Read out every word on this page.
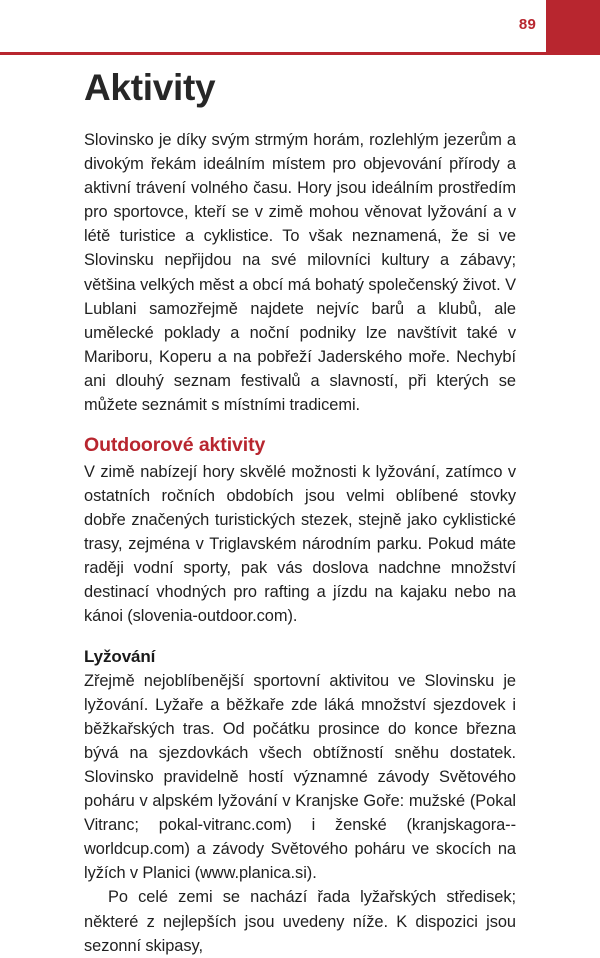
89
Aktivity

Slovinsko je díky svým strmým horám, rozlehlým jezerům a divokým řekám ideálním místem pro objevování přírody a aktivní trávení volného času. Hory jsou ideálním prostředím pro sportovce, kteří se v zimě mohou věnovat lyžování a v létě turistice a cyklistice. To však neznamená, že si ve Slovinsku nepřijdou na své milovníci kultury a zábavy; většina velkých měst a obcí má bohatý společenský život. V Lublani samozřejmě najdete nejvíc barů a klubů, ale umělecké poklady a noční podniky lze navštívit také v Mariboru, Koperu a na pobřeží Jaderského moře. Nechybí ani dlouhý seznam festivalů a slavností, při kterých se můžete seznámit s místními tradicemi.

Outdoorové aktivity

V zimě nabízejí hory skvělé možnosti k lyžování, zatímco v ostatních ročních obdobích jsou velmi oblíbené stovky dobře značených turistických stezek, stejně jako cyklistické trasy, zejména v Triglavském národním parku. Pokud máte raději vodní sporty, pak vás doslova nadchne množství destinací vhodných pro rafting a jízdu na kajaku nebo na kánoi (slovenia-outdoor.com).

Lyžování

Zřejmě nejoblíbenější sportovní aktivitou ve Slovinsku je lyžování. Lyžaře a běžkaře zde láká množství sjezdovek i běžkařských tras. Od počátku prosince do konce března bývá na sjezdovkách všech obtížností sněhu dostatek. Slovinsko pravidelně hostí významné závody Světového poháru v alpském lyžování v Kranjske Goře: mužské (Pokal Vitranc; pokal-vitranc.com) i ženské (kranjskagora--worldcup.com) a závody Světového poháru ve skocích na lyžích v Planici (www.planica.si).

Po celé zemi se nachází řada lyžařských středisek; některé z nejlepších jsou uvedeny níže. K dispozici jsou sezonní skipasy,
